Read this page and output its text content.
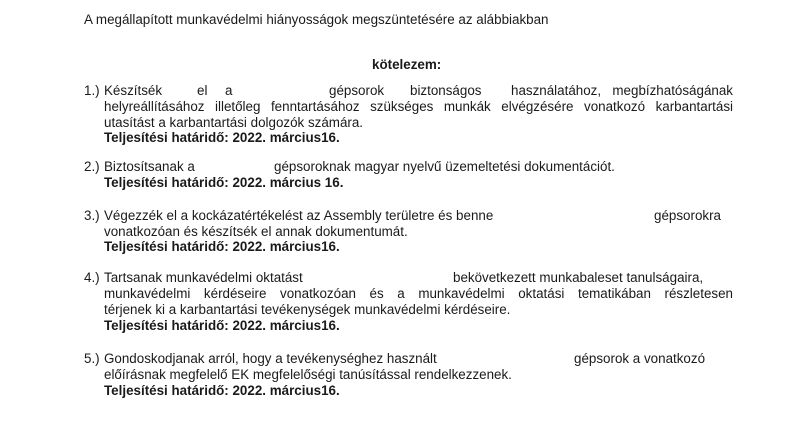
A megállapított munkavédelmi hiányosságok megszüntetésére az alábbiakban
kötelezem:
1.) Készítsék	el a	gépsorok biztonságos használatához, megbízhatóságának
helyreállításához illetőleg fenntartásához szükséges munkák elvégzésére vonatkozó karbantartási
utasítást a karbantartási dolgozók számára.
Teljesítési határidő: 2022. március16.
2.) Biztosítsanak a	gépsoroknak magyar nyelvű üzemeltetési dokumentációt.
Teljesítési határidő: 2022. március 16.
3.) Végezzék el a kockázatértékelést az Assembly területre és benne	gépsorokra
vonatkozóan és készítsék el annak dokumentumát.
Teljesítési határidő: 2022. március16.
4.) Tartsanak munkavédelmi oktatást	bekövetkezett munkabaleset tanulságaira,
munkavédelmi kérdéseire vonatkozóan és a munkavédelmi oktatási tematikában részletesen
térjenek ki a karbantartási tevékenységek munkavédelmi kérdéseire.
Teljesítési határidő: 2022. március16.
5.) Gondoskodjanak arról, hogy a tevékenységhez használt	gépsorok a vonatkozó
előírásnak megfelelő EK megfelelőségi tanúsítással rendelkezzenek.
Teljesítési határidő: 2022. március16.
